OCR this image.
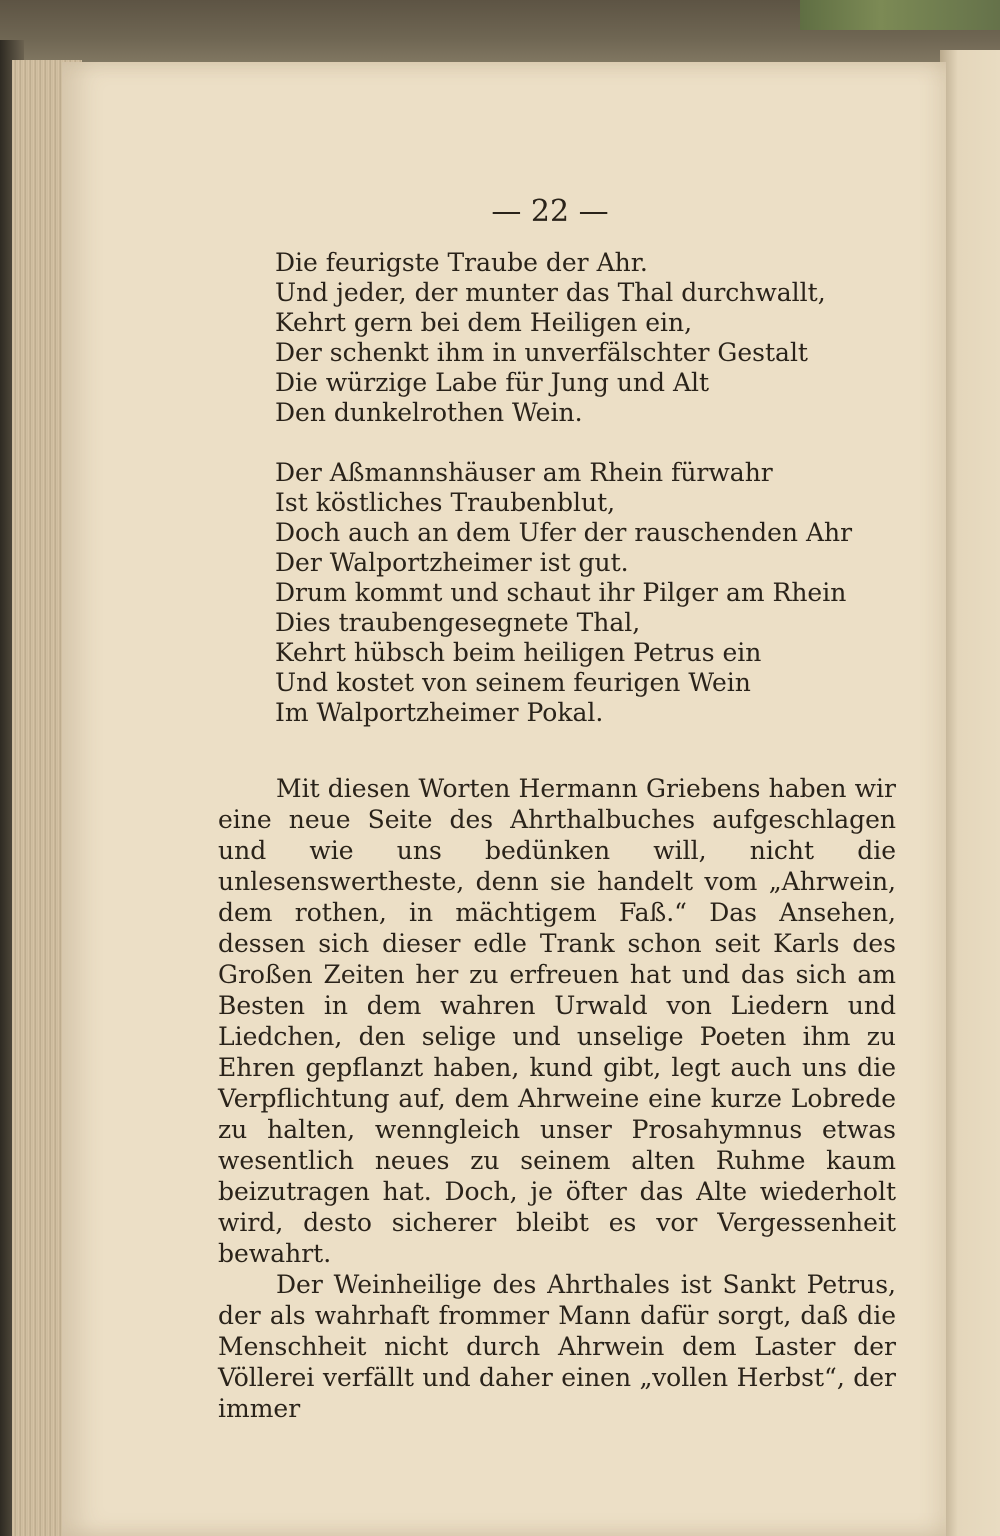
— 22 —
Die feurigste Traube der Ahr.
Und jeder, der munter das Thal durchwallt,
Kehrt gern bei dem Heiligen ein,
Der schenkt ihm in unverfälschter Gestalt
Die würzige Labe für Jung und Alt
Den dunkelrothen Wein.
Der Aßmannshäuser am Rhein fürwahr
Ist köstliches Traubenblut,
Doch auch an dem Ufer der rauschenden Ahr
Der Walportzheimer ist gut.
Drum kommt und schaut ihr Pilger am Rhein
Dies traubengesegnete Thal,
Kehrt hübsch beim heiligen Petrus ein
Und kostet von seinem feurigen Wein
Im Walportzheimer Pokal.

Mit diesen Worten Hermann Griebens haben wir eine neue Seite des Ahrthalbuches aufgeschlagen und wie uns bedünken will, nicht die unlesenswertheste, denn sie handelt vom „Ahrwein, dem rothen, in mächtigem Faß.“ Das Ansehen, dessen sich dieser edle Trank schon seit Karls des Großen Zeiten her zu erfreuen hat und das sich am Besten in dem wahren Urwald von Liedern und Liedchen, den selige und unselige Poeten ihm zu Ehren gepflanzt haben, kund gibt, legt auch uns die Verpflichtung auf, dem Ahrweine eine kurze Lobrede zu halten, wenngleich unser Prosahymnus etwas wesentlich neues zu seinem alten Ruhme kaum beizutragen hat. Doch, je öfter das Alte wiederholt wird, desto sicherer bleibt es vor Vergessenheit bewahrt.

Der Weinheilige des Ahrthales ist Sankt Petrus, der als wahrhaft frommer Mann dafür sorgt, daß die Menschheit nicht durch Ahrwein dem Laster der Völlerei verfällt und daher einen „vollen Herbst“, der immer
